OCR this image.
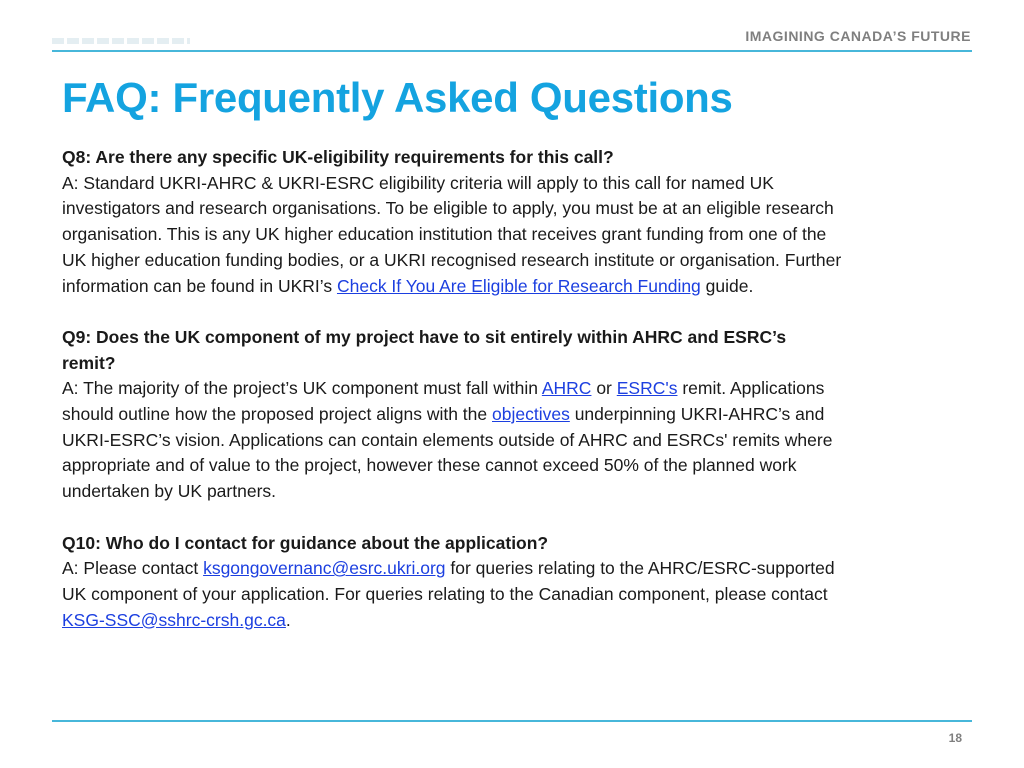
IMAGINING CANADA’S FUTURE
FAQ: Frequently Asked Questions

Q8: Are there any specific UK-eligibility requirements for this call?
A: Standard UKRI-AHRC & UKRI-ESRC eligibility criteria will apply to this call for named UK investigators and research organisations. To be eligible to apply, you must be at an eligible research organisation. This is any UK higher education institution that receives grant funding from one of the UK higher education funding bodies, or a UKRI recognised research institute or organisation. Further information can be found in UKRI’s Check If You Are Eligible for Research Funding guide.

Q9: Does the UK component of my project have to sit entirely within AHRC and ESRC’s remit?
A: The majority of the project’s UK component must fall within AHRC or ESRC's remit. Applications should outline how the proposed project aligns with the objectives underpinning UKRI-AHRC’s and UKRI-ESRC’s vision. Applications can contain elements outside of AHRC and ESRCs' remits where appropriate and of value to the project, however these cannot exceed 50% of the planned work undertaken by UK partners.

Q10: Who do I contact for guidance about the application?
A: Please contact ksgongovernanc@esrc.ukri.org for queries relating to the AHRC/ESRC-supported UK component of your application. For queries relating to the Canadian component, please contact KSG-SSC@sshrc-crsh.gc.ca.

18
